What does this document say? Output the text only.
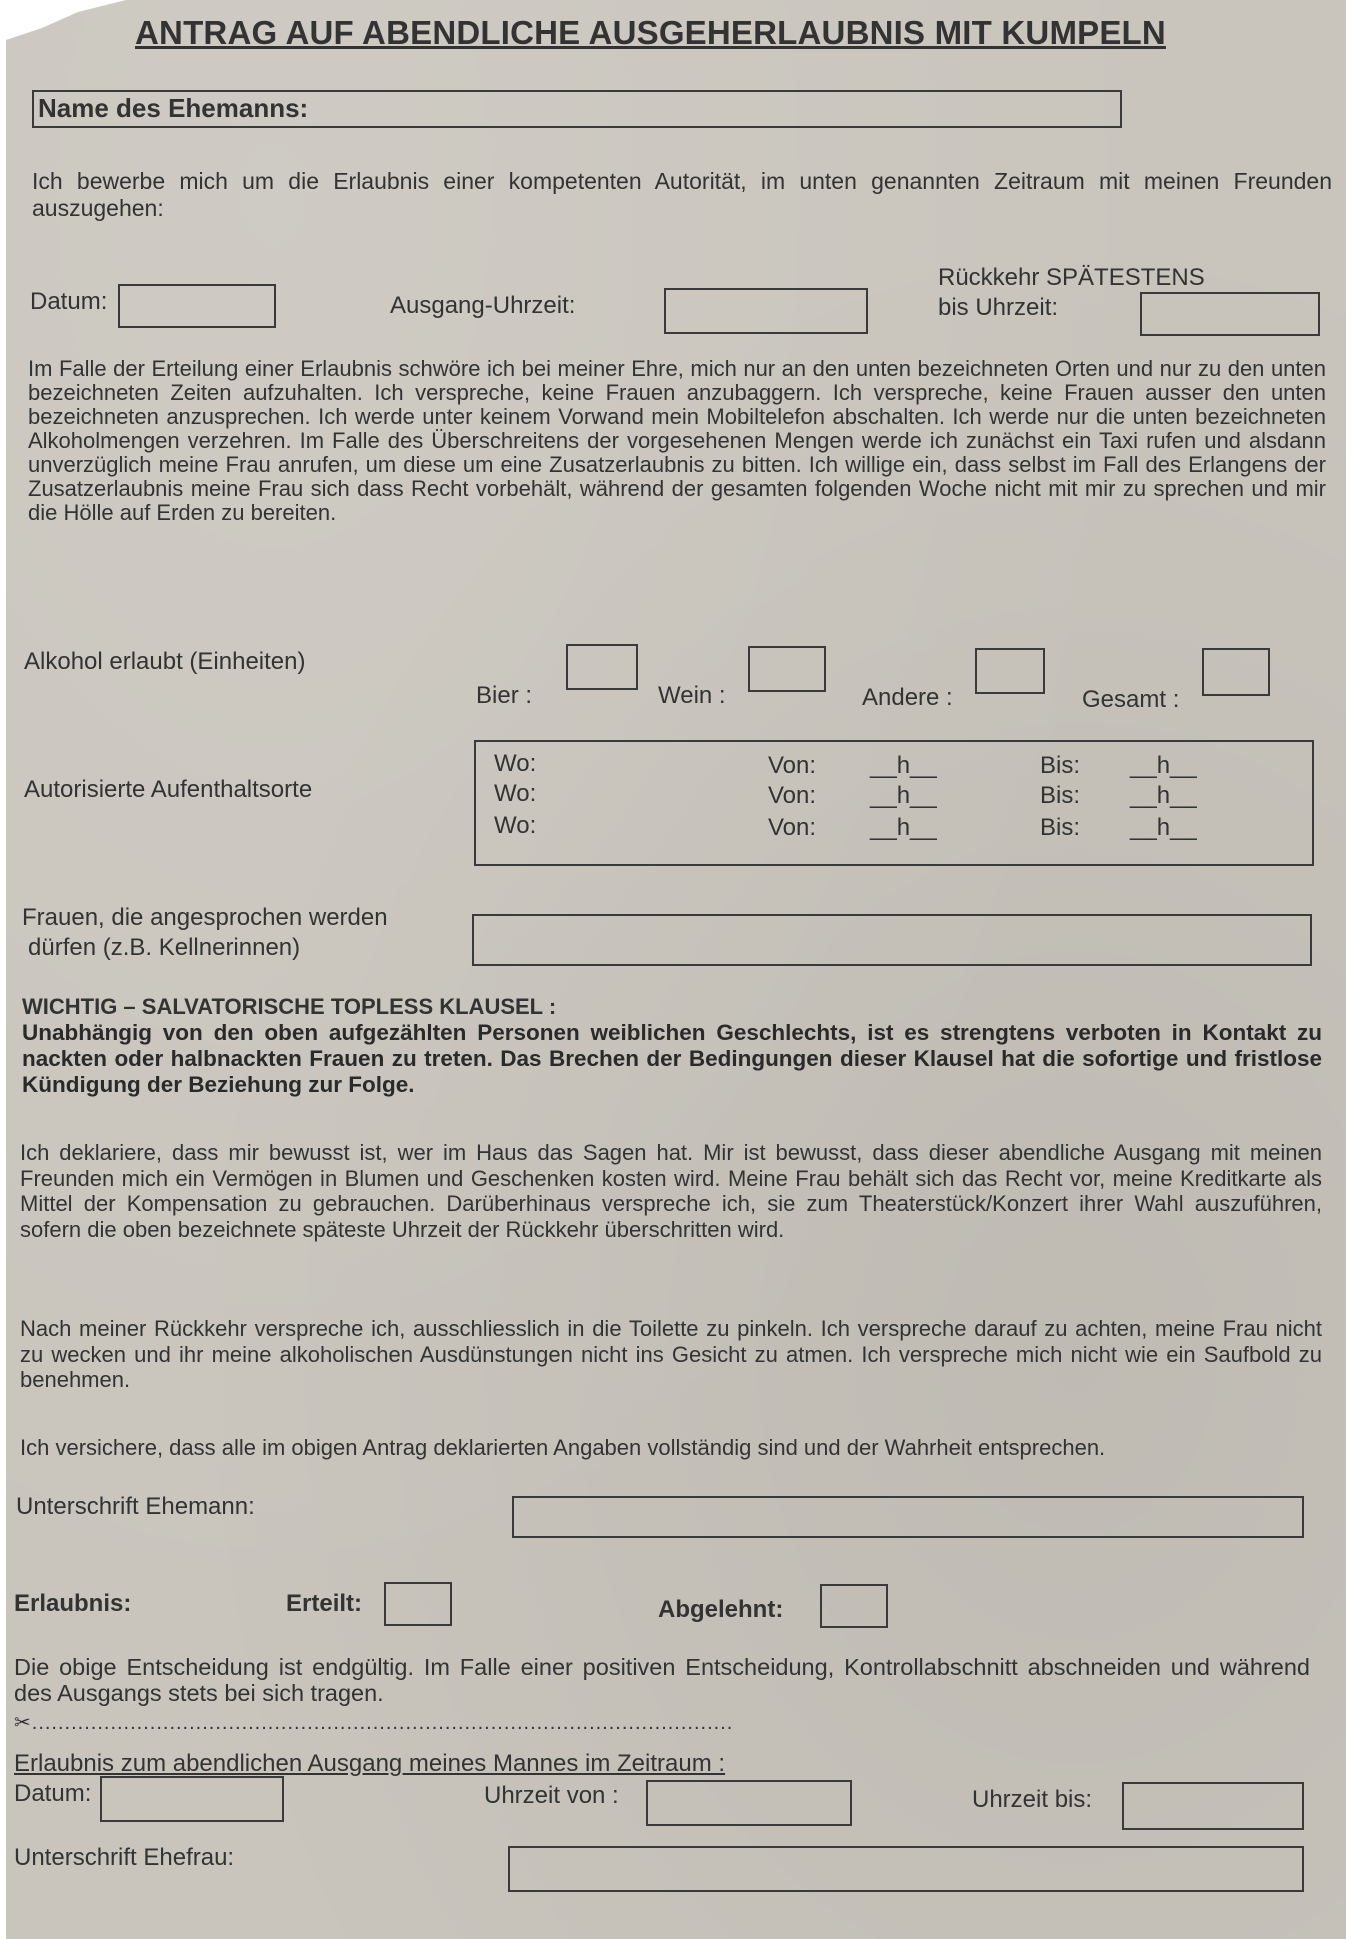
ANTRAG AUF ABENDLICHE AUSGEHERLAUBNIS MIT KUMPELN
Name des Ehemanns:
Ich bewerbe mich um die Erlaubnis einer kompetenten Autorität, im unten genannten Zeitraum mit meinen Freunden auszugehen:
Datum:	Ausgang-Uhrzeit:
Rückkehr SPÄTESTENS
bis Uhrzeit:
Im Falle der Erteilung einer Erlaubnis schwöre ich bei meiner Ehre, mich nur an den unten bezeichneten Orten und nur zu den unten bezeichneten Zeiten aufzuhalten. Ich verspreche, keine Frauen anzubaggern. Ich verspreche, keine Frauen ausser den unten bezeichneten anzusprechen. Ich werde unter keinem Vorwand mein Mobiltelefon abschalten. Ich werde nur die unten bezeichneten Alkoholmengen verzehren. Im Falle des Überschreitens der vorgesehenen Mengen werde ich zunächst ein Taxi rufen und alsdann unverzüglich meine Frau anrufen, um diese um eine Zusatzerlaubnis zu bitten. Ich willige ein, dass selbst im Fall des Erlangens der Zusatzerlaubnis meine Frau sich dass Recht vorbehält, während der gesamten folgenden Woche nicht mit mir zu sprechen und mir die Hölle auf Erden zu bereiten.
Alkohol erlaubt (Einheiten)
Bier :	Wein :	Andere :	Gesamt :
Autorisierte Aufenthaltsorte
Wo:	Von: __h__	Bis: __h__
Wo:	Von: __h__	Bis: __h__
Wo:	Von: __h__	Bis: __h__
Frauen, die angesprochen werden
dürfen (z.B. Kellnerinnen)
WICHTIG – SALVATORISCHE TOPLESS KLAUSEL :
Unabhängig von den oben aufgezählten Personen weiblichen Geschlechts, ist es strengtens verboten in Kontakt zu nackten oder halbnackten Frauen zu treten. Das Brechen der Bedingungen dieser Klausel hat die sofortige und fristlose Kündigung der Beziehung zur Folge.
Ich deklariere, dass mir bewusst ist, wer im Haus das Sagen hat. Mir ist bewusst, dass dieser abendliche Ausgang mit meinen Freunden mich ein Vermögen in Blumen und Geschenken kosten wird. Meine Frau behält sich das Recht vor, meine Kreditkarte als Mittel der Kompensation zu gebrauchen. Darüberhinaus verspreche ich, sie zum Theaterstück/Konzert ihrer Wahl auszuführen, sofern die oben bezeichnete späteste Uhrzeit der Rückkehr überschritten wird.
Nach meiner Rückkehr verspreche ich, ausschliesslich in die Toilette zu pinkeln. Ich verspreche darauf zu achten, meine Frau nicht zu wecken und ihr meine alkoholischen Ausdünstungen nicht ins Gesicht zu atmen. Ich verspreche mich nicht wie ein Saufbold zu benehmen.
Ich versichere, dass alle im obigen Antrag deklarierten Angaben vollständig sind und der Wahrheit entsprechen.
Unterschrift Ehemann:
Erlaubnis:	Erteilt:	Abgelehnt:
Die obige Entscheidung ist endgültig. Im Falle einer positiven Entscheidung, Kontrollabschnitt abschneiden und während des Ausgangs stets bei sich tragen.
✂...........................................................................................................
Erlaubnis zum abendlichen Ausgang meines Mannes im Zeitraum :
Datum:	Uhrzeit von :	Uhrzeit bis:
Unterschrift Ehefrau:
